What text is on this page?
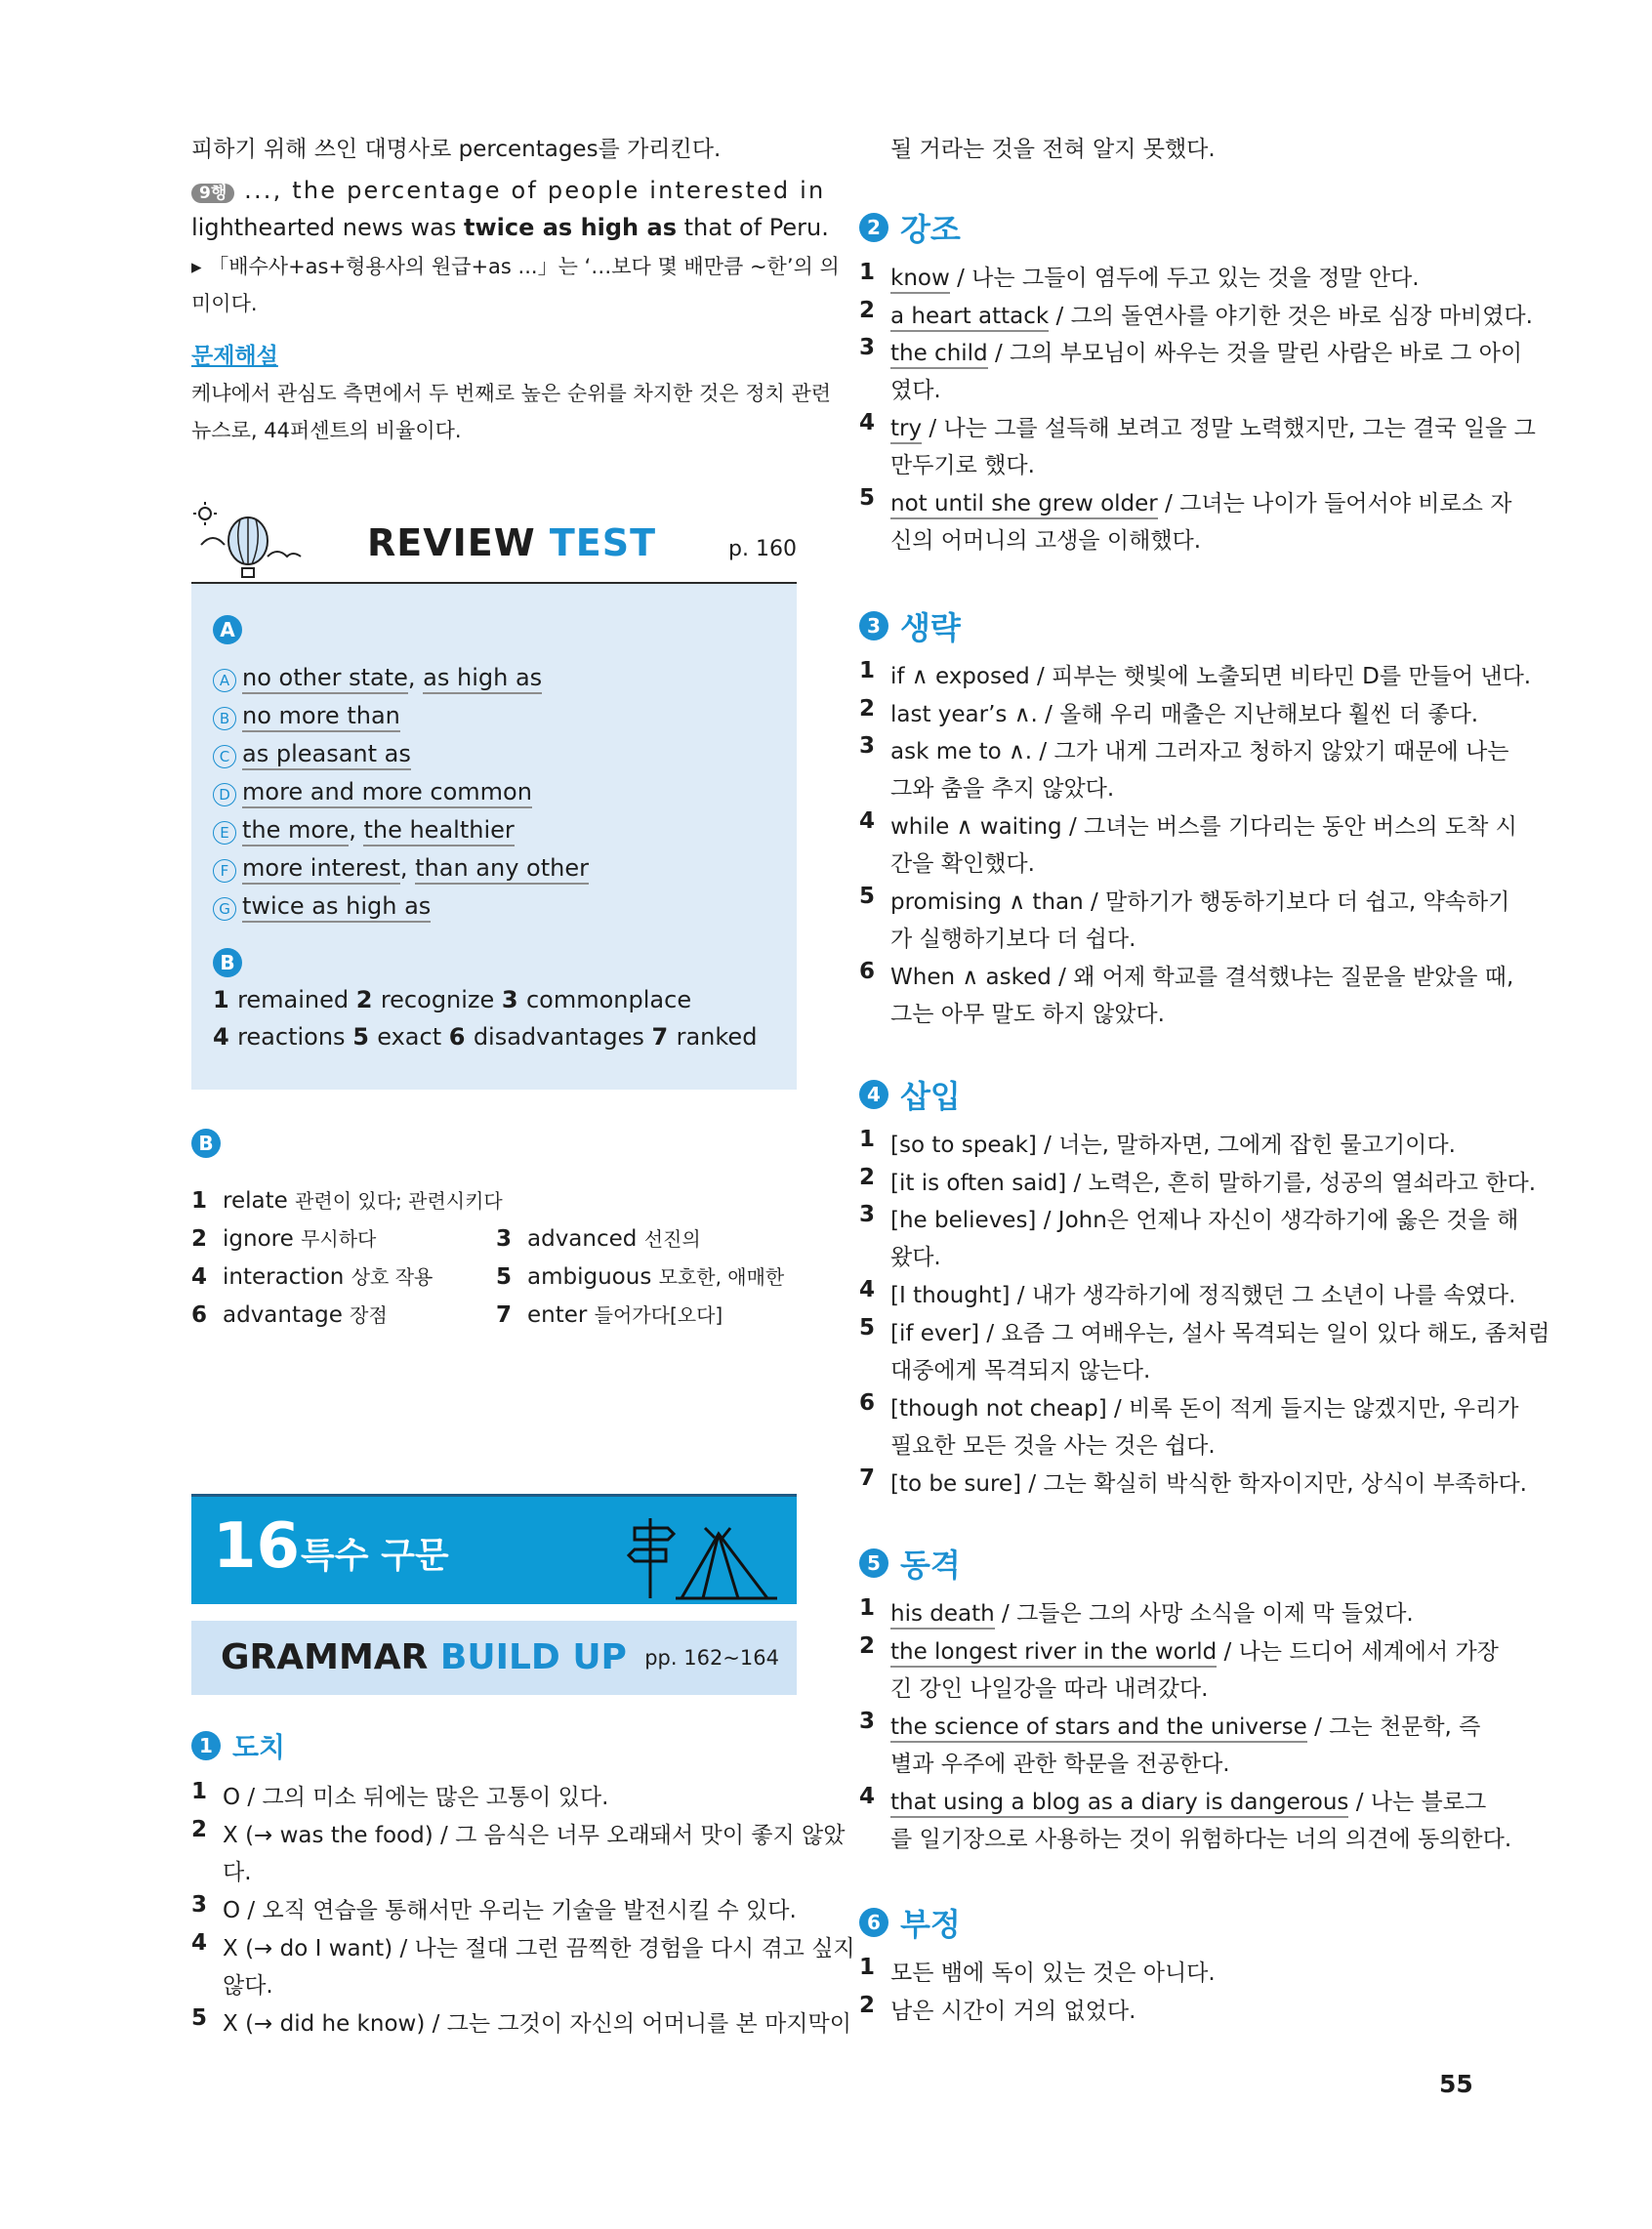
피하기 위해 쓰인 대명사로 percentages를 가리킨다.
9행 ..., the percentage of people interested in
lighthearted news was twice as high as that of Peru.
▸ 「배수사+as+형용사의 원급+as ...」는 ‘…보다 몇 배만큼 ~한’의 의
미이다.
문제해설
케냐에서 관심도 측면에서 두 번째로 높은 순위를 차지한 것은 정치 관련
뉴스로, 44퍼센트의 비율이다.
REVIEW TEST	p. 160
A
A no other state, as high as
B no more than
C as pleasant as
D more and more common
E the more, the healthier
F more interest, than any other
G twice as high as
B
1 remained 2 recognize 3 commonplace
4 reactions 5 exact 6 disadvantages 7 ranked
B
1 relate 관련이 있다; 관련시키다
2 ignore 무시하다	3 advanced 선진의
4 interaction 상호 작용	5 ambiguous 모호한, 애매한
6 advantage 장점	7 enter 들어가다[오다]
16 특수 구문
GRAMMAR BUILD UP pp. 162~164
1 도치
1 O / 그의 미소 뒤에는 많은 고통이 있다.
2 X (→ was the food) / 그 음식은 너무 오래돼서 맛이 좋지 않았
다.
3 O / 오직 연습을 통해서만 우리는 기술을 발전시킬 수 있다.
4 X (→ do I want) / 나는 절대 그런 끔찍한 경험을 다시 겪고 싶지
않다.
5 X (→ did he know) / 그는 그것이 자신의 어머니를 본 마지막이
될 거라는 것을 전혀 알지 못했다.
2 강조
1 know / 나는 그들이 염두에 두고 있는 것을 정말 안다.
2 a heart attack / 그의 돌연사를 야기한 것은 바로 심장 마비였다.
3 the child / 그의 부모님이 싸우는 것을 말린 사람은 바로 그 아이
였다.
4 try / 나는 그를 설득해 보려고 정말 노력했지만, 그는 결국 일을 그
만두기로 했다.
5 not until she grew older / 그녀는 나이가 들어서야 비로소 자
신의 어머니의 고생을 이해했다.
3 생략
1 if ∧ exposed / 피부는 햇빛에 노출되면 비타민 D를 만들어 낸다.
2 last year’s ∧. / 올해 우리 매출은 지난해보다 훨씬 더 좋다.
3 ask me to ∧. / 그가 내게 그러자고 청하지 않았기 때문에 나는
그와 춤을 추지 않았다.
4 while ∧ waiting / 그녀는 버스를 기다리는 동안 버스의 도착 시
간을 확인했다.
5 promising ∧ than / 말하기가 행동하기보다 더 쉽고, 약속하기
가 실행하기보다 더 쉽다.
6 When ∧ asked / 왜 어제 학교를 결석했냐는 질문을 받았을 때,
그는 아무 말도 하지 않았다.
4 삽입
1 [so to speak] / 너는, 말하자면, 그에게 잡힌 물고기이다.
2 [it is often said] / 노력은, 흔히 말하기를, 성공의 열쇠라고 한다.
3 [he believes] / John은 언제나 자신이 생각하기에 옳은 것을 해
왔다.
4 [I thought] / 내가 생각하기에 정직했던 그 소년이 나를 속였다.
5 [if ever] / 요즘 그 여배우는, 설사 목격되는 일이 있다 해도, 좀처럼
대중에게 목격되지 않는다.
6 [though not cheap] / 비록 돈이 적게 들지는 않겠지만, 우리가
필요한 모든 것을 사는 것은 쉽다.
7 [to be sure] / 그는 확실히 박식한 학자이지만, 상식이 부족하다.
5 동격
1 his death / 그들은 그의 사망 소식을 이제 막 들었다.
2 the longest river in the world / 나는 드디어 세계에서 가장
긴 강인 나일강을 따라 내려갔다.
3 the science of stars and the universe / 그는 천문학, 즉
별과 우주에 관한 학문을 전공한다.
4 that using a blog as a diary is dangerous / 나는 블로그
를 일기장으로 사용하는 것이 위험하다는 너의 의견에 동의한다.
6 부정
1 모든 뱀에 독이 있는 것은 아니다.
2 남은 시간이 거의 없었다.
55
